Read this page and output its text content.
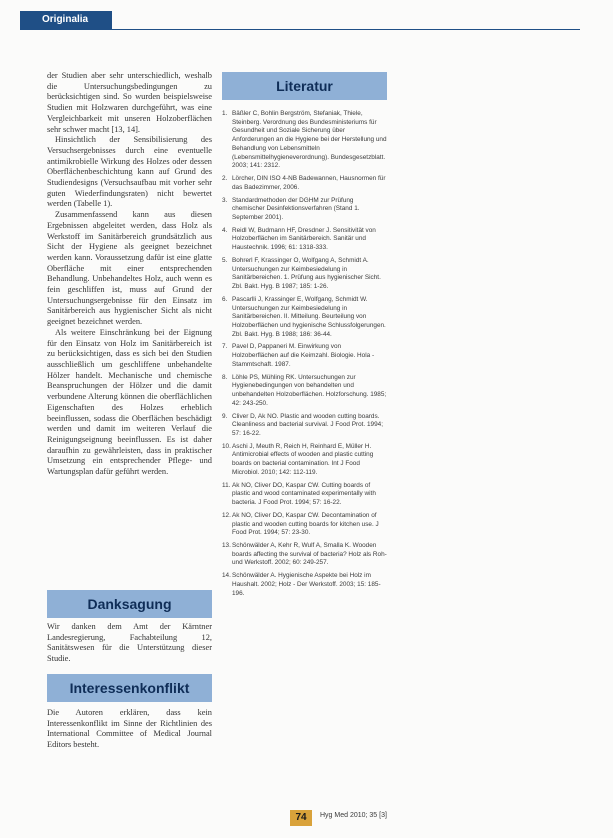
Originalia

der Studien aber sehr unterschiedlich, weshalb die Untersuchungsbedingungen zu berücksichtigen sind. So wurden beispielsweise Studien mit Holzwaren durchgeführt, was eine Vergleichbarkeit mit unseren Holzoberflächen sehr schwer macht [13, 14].

Hinsichtlich der Sensibilisierung des Versuchsergebnisses durch eine eventuelle antimikrobielle Wirkung des Holzes oder dessen Oberflächenbeschichtung kann auf Grund des Studiendesigns (Versuchsaufbau mit vorher sehr guten Wiederfindungsraten) nicht bewertet werden (Tabelle 1).

Zusammenfassend kann aus diesen Ergebnissen abgeleitet werden, dass Holz als Werkstoff im Sanitärbereich grundsätzlich aus Sicht der Hygiene als geeignet bezeichnet werden kann. Voraussetzung dafür ist eine glatte Oberfläche mit einer entsprechenden Behandlung. Unbehandeltes Holz, auch wenn es fein geschliffen ist, muss auf Grund der Untersuchungsergebnisse für den Einsatz im Sanitärbereich aus hygienischer Sicht als nicht geeignet bezeichnet werden.

Als weitere Einschränkung bei der Eignung für den Einsatz von Holz im Sanitärbereich ist zu berücksichtigen, dass es sich bei den Studien ausschließlich um geschliffene unbehandelte Hölzer handelt. Mechanische und chemische Beanspruchungen der Hölzer und die damit verbundene Alterung können die oberflächlichen Eigenschaften des Holzes erheblich beeinflussen, sodass die Oberflächen beschädigt werden und damit im weiteren Verlauf die Reinigungseignung beeinflussen. Es ist daher daraufhin zu gewährleisten, dass in praktischer Umsetzung ein entsprechender Pflege- und Wartungsplan dafür geführt werden.

Literatur
1. Bäßler C, Bohlin Bergström, Stefaniak, Thiele, Steinberg. Verordnung des Bundesministeriums für Gesundheit und Soziale Sicherung über Anforderungen an die Hygiene bei der Herstellung und Behandlung von Lebensmitteln (Lebensmittelhygieneverordnung). Bundesgesetzblatt. 2003; 141: 2312.
2. Lörcher, DIN ISO 4-NB Badewannen, Hausnormen für das Badezimmer, 2006.
3. Standardmethoden der DGHM zur Prüfung chemischer Desinfektionsverfahren (Stand 1. September 2001).
4. Reidl W, Budmann HF, Dresdner J. Sensitivität von Holzoberflächen im Sanitärbereich. Sanitär und Haustechnik. 1996; 61: 1318-333.
5. Bohrerl F, Krassinger O, Wolfgang A, Schmidt A. Untersuchungen zur Keimbesiedelung in Sanitärbereichen. 1. Prüfung aus hygienischer Sicht. Zbl. Bakt. Hyg. B 1987; 185: 1-26.
6. Pascarlli J, Krassinger E, Wolfgang, Schmidt W. Untersuchungen zur Keimbesiedelung in Sanitärbereichen. II. Mitteilung. Beurteilung von Holzoberflächen und hygienische Schlussfolgerungen. Zbl. Bakt. Hyg. B 1988; 186: 36-44.
7. Pavel D, Pappaneri M. Einwirkung von Holzoberflächen auf die Keimzahl. Biologie. Hola - Stammtschaft. 1987.
8. Löhle PS, Mühling RK. Untersuchungen zur Hygienebedingungen von behandelten und unbehandelten Holzoberflächen. Holzforschung. 1985; 42: 243-250.
9. Cliver D, Ak NO. Plastic and wooden cutting boards. Cleanliness and bacterial survival. J Food Prot. 1994; 57: 16-22.
10. Aschi J, Meuth R, Reich H, Reinhard E, Müller H. Antimicrobial effects of wooden and plastic cutting boards on bacterial contamination. Int J Food Microbiol. 2010; 142: 112-119.
11. Ak NO, Cliver DO, Kaspar CW. Cutting boards of plastic and wood contaminated experimentally with bacteria. J Food Prot. 1994; 57: 16-22.
12. Ak NO, Cliver DO, Kaspar CW. Decontamination of plastic and wooden cutting boards for kitchen use. J Food Prot. 1994; 57: 23-30.
13. Schönwälder A, Kehr R, Wulf A, Smalla K. Wooden boards affecting the survival of bacteria? Holz als Roh- und Werkstoff. 2002; 60: 249-257.
14. Schönwälder A. Hygienische Aspekte bei Holz im Haushalt. 2002; Holz - Der Werkstoff. 2003; 15: 185-196.
Danksagung

Wir danken dem Amt der Kärntner Landesregierung, Fachabteilung 12, Sanitätswesen für die Unterstützung dieser Studie.

Interessenkonflikt

Die Autoren erklären, dass kein Interessenkonflikt im Sinne der Richtlinien des International Committee of Medical Journal Editors besteht.

74	Hyg Med 2010; 35 [3]
